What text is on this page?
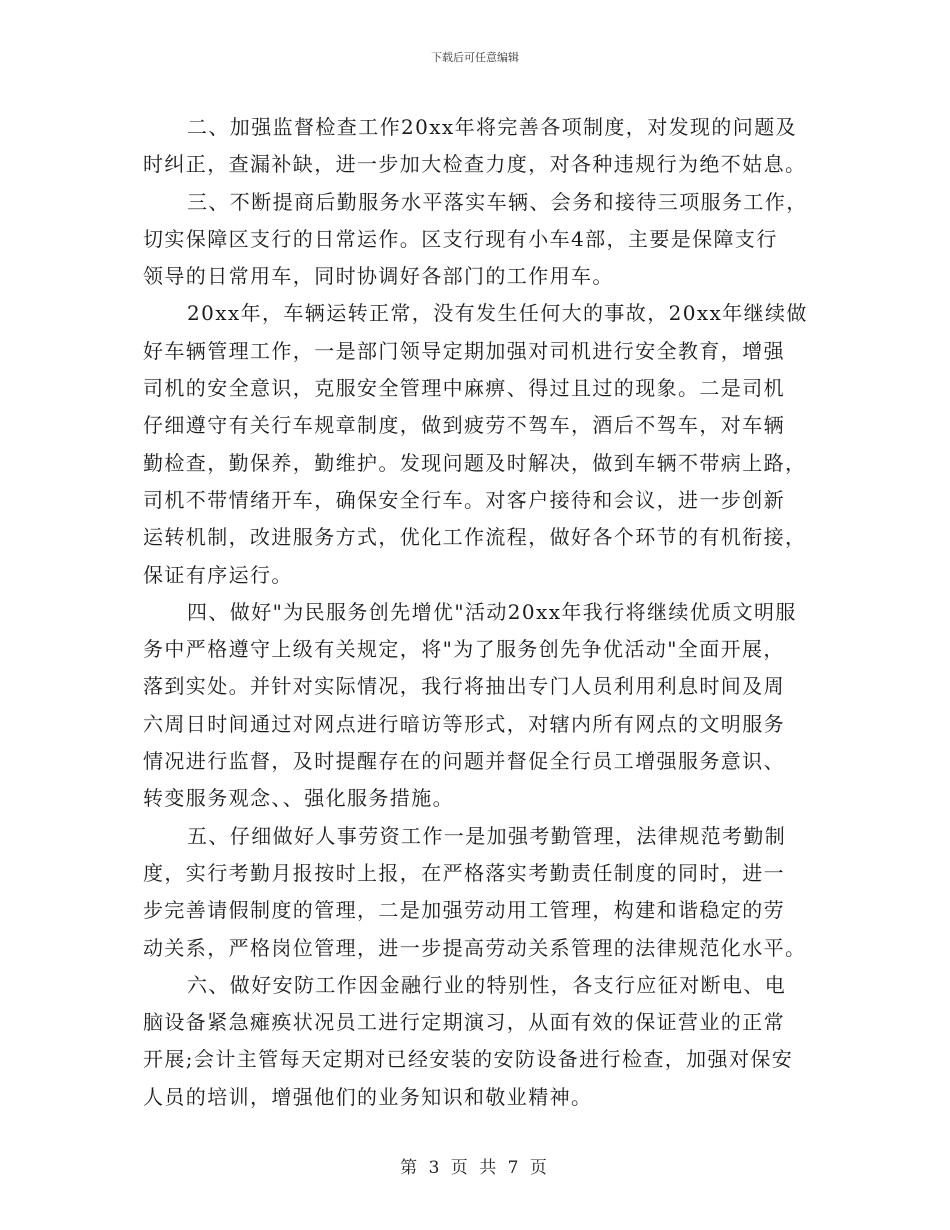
下载后可任意编辑

二、加强监督检查工作20xx年将完善各项制度，对发现的问题及
时纠正，查漏补缺，进一步加大检查力度，对各种违规行为绝不姑息。

三、不断提商后勤服务水平落实车辆、会务和接待三项服务工作，
切实保障区支行的日常运作。区支行现有小车4部，主要是保障支行
领导的日常用车，同时协调好各部门的工作用车。

20xx年，车辆运转正常，没有发生任何大的事故，20xx年继续做
好车辆管理工作，一是部门领导定期加强对司机进行安全教育，增强
司机的安全意识，克服安全管理中麻痹、得过且过的现象。二是司机
仔细遵守有关行车规章制度，做到疲劳不驾车，酒后不驾车，对车辆
勤检查，勤保养，勤维护。发现问题及时解决，做到车辆不带病上路，
司机不带情绪开车，确保安全行车。对客户接待和会议，进一步创新
运转机制，改进服务方式，优化工作流程，做好各个环节的有机衔接，
保证有序运行。

四、做好"为民服务创先增优"活动20xx年我行将继续优质文明服
务中严格遵守上级有关规定，将"为了服务创先争优活动"全面开展，
落到实处。并针对实际情况，我行将抽出专门人员利用利息时间及周
六周日时间通过对网点进行暗访等形式，对辖内所有网点的文明服务
情况进行监督，及时提醒存在的问题并督促全行员工增强服务意识、
转变服务观念、、强化服务措施。

五、仔细做好人事劳资工作一是加强考勤管理，法律规范考勤制
度，实行考勤月报按时上报，在严格落实考勤责任制度的同时，进一
步完善请假制度的管理，二是加强劳动用工管理，构建和谐稳定的劳
动关系，严格岗位管理，进一步提高劳动关系管理的法律规范化水平。

六、做好安防工作因金融行业的特别性，各支行应征对断电、电
脑设备紧急瘫痪状况员工进行定期演习，从面有效的保证营业的正常
开展;会计主管每天定期对已经安装的安防设备进行检查，加强对保安
人员的培训，增强他们的业务知识和敬业精神。

第 3 页 共 7 页
